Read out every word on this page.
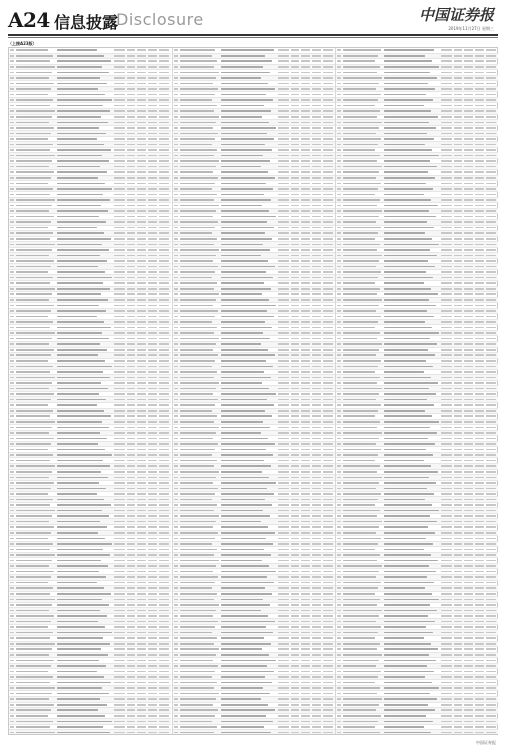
A24 信息披露
Disclosure	中国证券报
2019年11月27日 星期三
（上接A23版）
中国证券报
